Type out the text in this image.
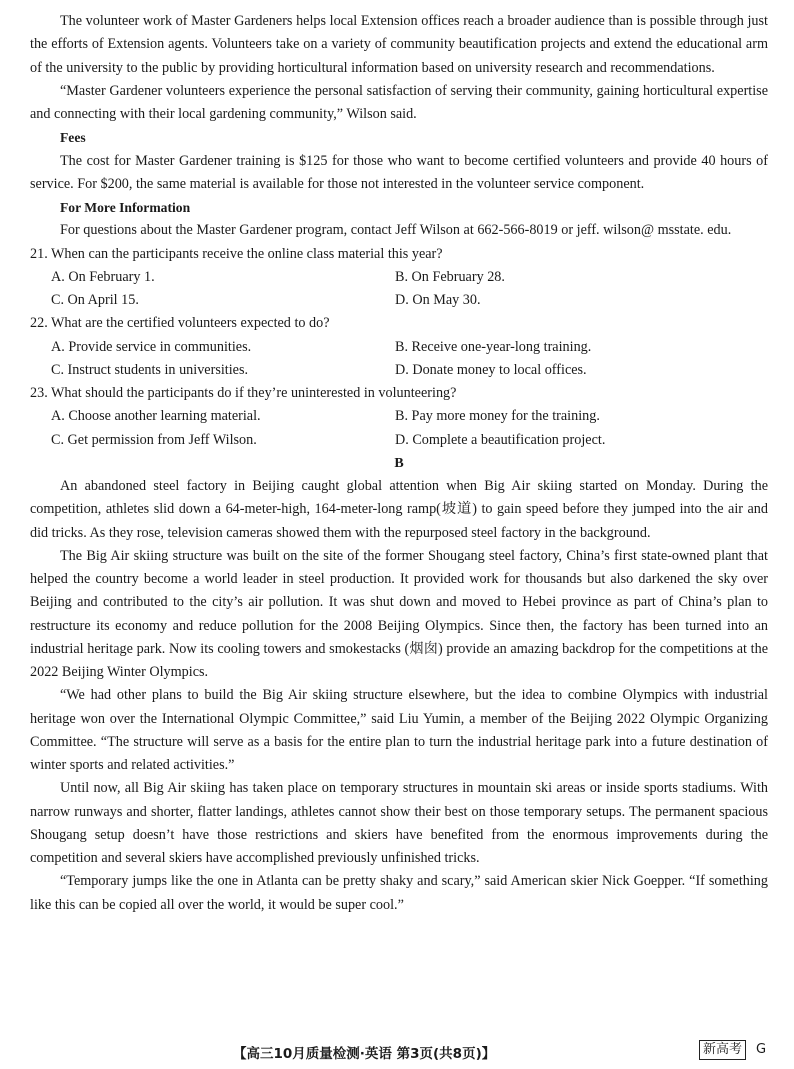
The volunteer work of Master Gardeners helps local Extension offices reach a broader audience than is possible through just the efforts of Extension agents. Volunteers take on a variety of community beautification projects and extend the educational arm of the university to the public by providing horticultural information based on university research and recommendations.

“Master Gardener volunteers experience the personal satisfaction of serving their community, gaining horticultural expertise and connecting with their local gardening community,” Wilson said.

Fees

The cost for Master Gardener training is $125 for those who want to become certified volunteers and provide 40 hours of service. For $200, the same material is available for those not interested in the volunteer service component.

For More Information

For questions about the Master Gardener program, contact Jeff Wilson at 662-566-8019 or jeff. wilson@ msstate. edu.

21. When can the participants receive the online class material this year?
A. On February 1.	B. On February 28.
C. On April 15.	D. On May 30.
22. What are the certified volunteers expected to do?
A. Provide service in communities.	B. Receive one-year-long training.
C. Instruct students in universities.	D. Donate money to local offices.
23. What should the participants do if they’re uninterested in volunteering?
A. Choose another learning material.	B. Pay more money for the training.
C. Get permission from Jeff Wilson.	D. Complete a beautification project.
B

An abandoned steel factory in Beijing caught global attention when Big Air skiing started on Monday. During the competition, athletes slid down a 64-meter-high, 164-meter-long ramp(坡道) to gain speed before they jumped into the air and did tricks. As they rose, television cameras showed them with the repurposed steel factory in the background.

The Big Air skiing structure was built on the site of the former Shougang steel factory, China’s first state-owned plant that helped the country become a world leader in steel production. It provided work for thousands but also darkened the sky over Beijing and contributed to the city’s air pollution. It was shut down and moved to Hebei province as part of China’s plan to restructure its economy and reduce pollution for the 2008 Beijing Olympics. Since then, the factory has been turned into an industrial heritage park. Now its cooling towers and smokestacks (烟囱) provide an amazing backdrop for the competitions at the 2022 Beijing Winter Olympics.

“We had other plans to build the Big Air skiing structure elsewhere, but the idea to combine Olympics with industrial heritage won over the International Olympic Committee,” said Liu Yumin, a member of the Beijing 2022 Olympic Organizing Committee. “The structure will serve as a basis for the entire plan to turn the industrial heritage park into a future destination of winter sports and related activities.”

Until now, all Big Air skiing has taken place on temporary structures in mountain ski areas or inside sports stadiums. With narrow runways and shorter, flatter landings, athletes cannot show their best on those temporary setups. The permanent spacious Shougang setup doesn’t have those restrictions and skiers have benefited from the enormous improvements during the competition and several skiers have accomplished previously unfinished tricks.

“Temporary jumps like the one in Atlanta can be pretty shaky and scary,” said American skier Nick Goepper. “If something like this can be copied all over the world, it would be super cool.”

【高三10月质量检测·英语 第3页(共8页)】	新高考	G
